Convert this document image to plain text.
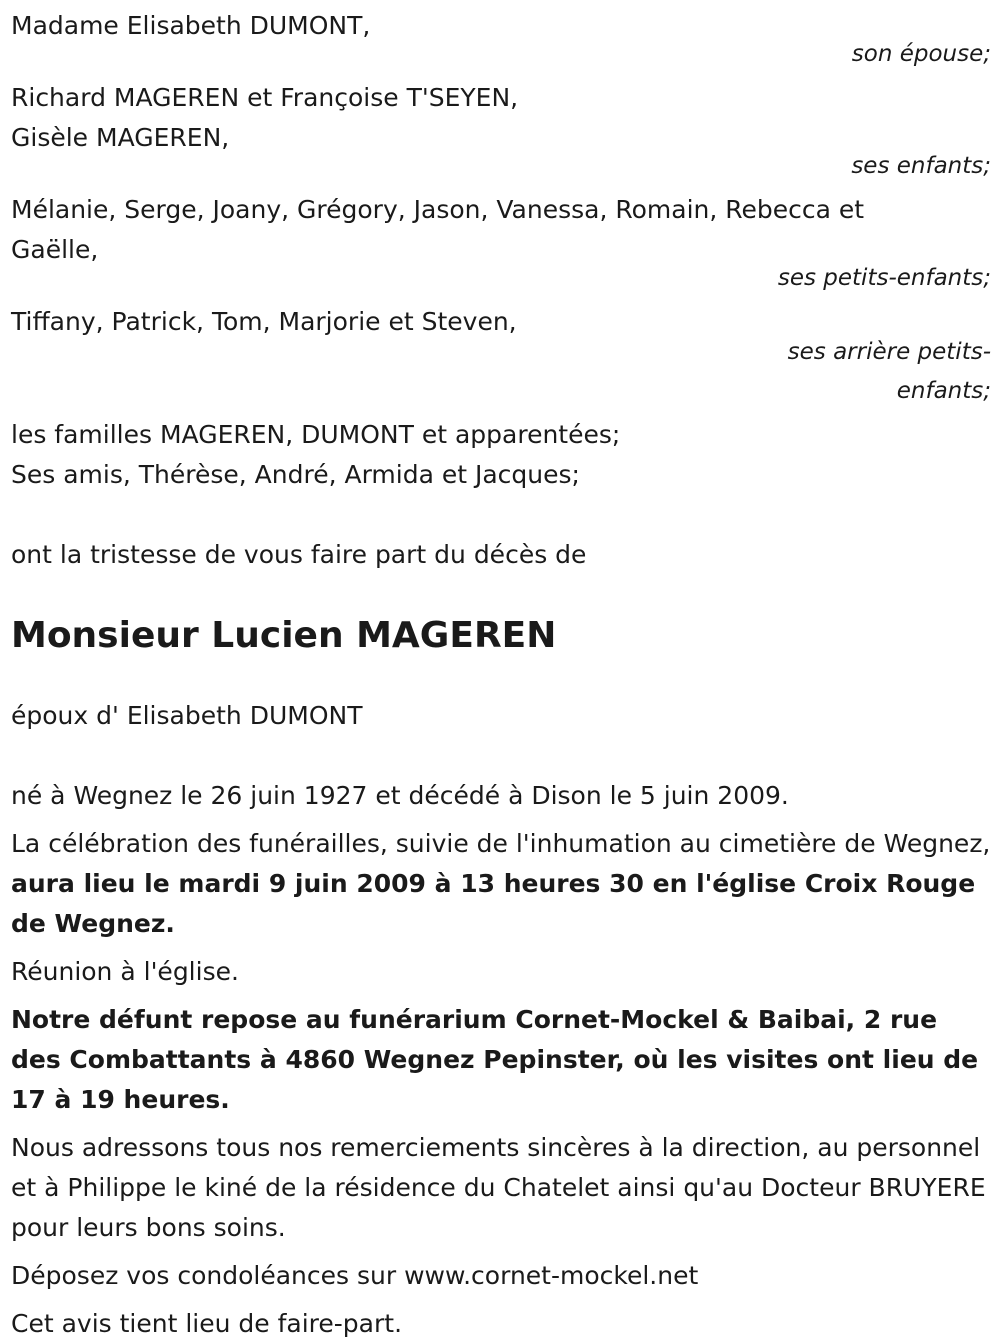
Madame Elisabeth DUMONT,
son épouse;
Richard MAGEREN et Françoise T'SEYEN,
Gisèle MAGEREN,
ses enfants;
Mélanie, Serge, Joany, Grégory, Jason, Vanessa, Romain, Rebecca et
Gaëlle,
ses petits-enfants;
Tiffany, Patrick, Tom, Marjorie et Steven,
ses arrière petits-
enfants;
les familles MAGEREN, DUMONT et apparentées;
Ses amis, Thérèse, André, Armida et Jacques;
ont la tristesse de vous faire part du décès de
Monsieur Lucien MAGEREN
époux d' Elisabeth DUMONT
né à Wegnez le 26 juin 1927 et décédé à Dison le 5 juin 2009.
La célébration des funérailles, suivie de l'inhumation au cimetière de Wegnez, aura lieu le mardi 9 juin 2009 à 13 heures 30 en l'église Croix Rouge de Wegnez.
Réunion à l'église.
Notre défunt repose au funérarium Cornet-Mockel & Baibai, 2 rue des Combattants à 4860 Wegnez Pepinster, où les visites ont lieu de 17 à 19 heures.
Nous adressons tous nos remerciements sincères à la direction, au personnel et à Philippe le kiné de la résidence du Chatelet ainsi qu'au Docteur BRUYERE pour leurs bons soins.
Déposez vos condoléances sur www.cornet-mockel.net
Cet avis tient lieu de faire-part.
